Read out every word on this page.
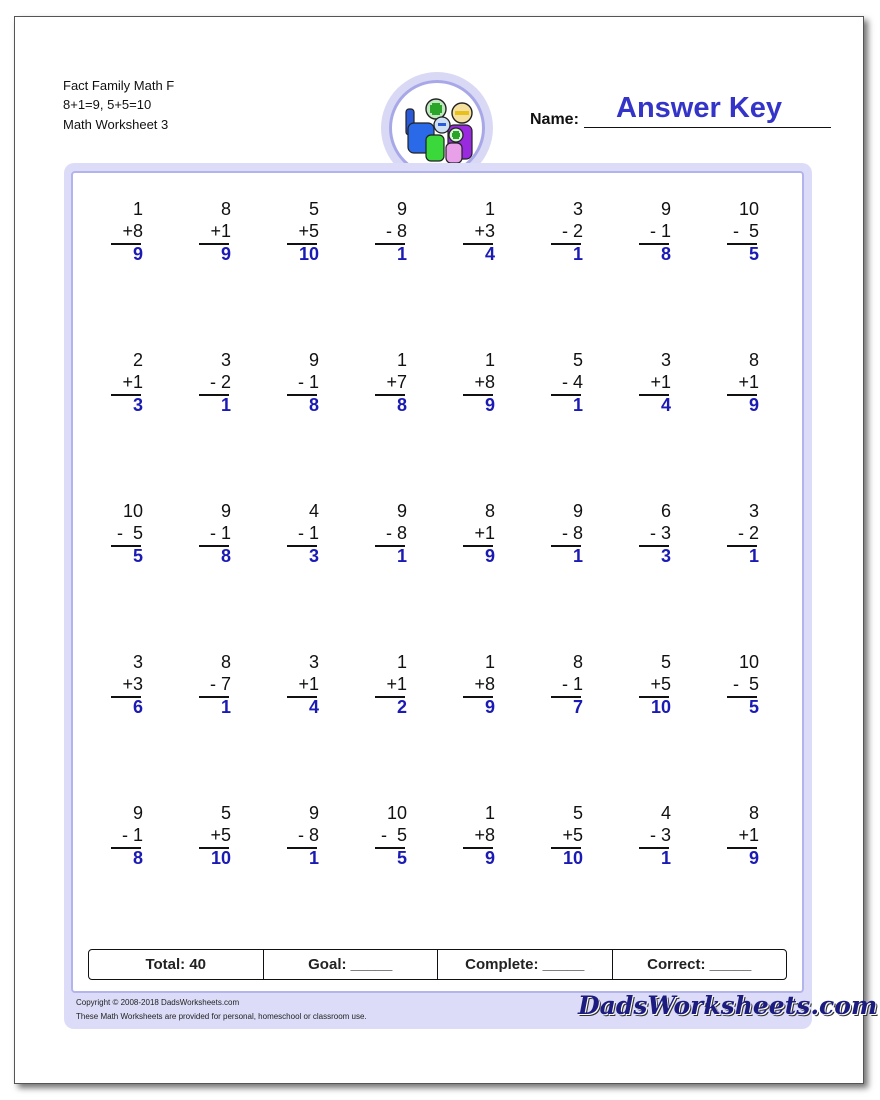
Fact Family Math F
8+1=9, 5+5=10
Math Worksheet 3	Name: Answer Key
1
+8
9
8
+1
9
5
+5
10
9
- 8
1
1
+3
4
3
- 2
1
9
- 1
8
10
-  5
5
2
+1
3
3
- 2
1
9
- 1
8
1
+7
8
1
+8
9
5
- 4
1
3
+1
4
8
+1
9
10
-  5
5
9
- 1
8
4
- 1
3
9
- 8
1
8
+1
9
9
- 8
1
6
- 3
3
3
- 2
1
3
+3
6
8
- 7
1
3
+1
4
1
+1
2
1
+8
9
8
- 1
7
5
+5
10
10
-  5
5
9
- 1
8
5
+5
10
9
- 8
1
10
-  5
5
1
+8
9
5
+5
10
4
- 3
1
8
+1
9
Total: 40	Goal: _____	Complete: _____	Correct: _____
Copyright © 2008-2018 DadsWorksheets.com
These Math Worksheets are provided for personal, homeschool or classroom use.	DadsWorksheets.com
